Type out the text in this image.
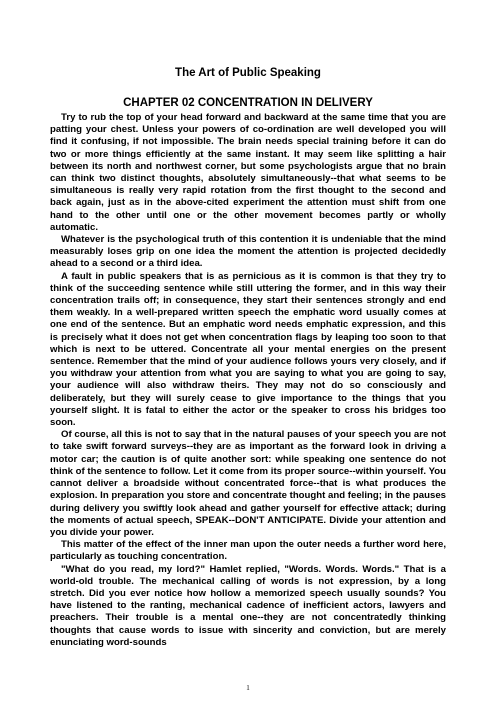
The Art of Public Speaking
CHAPTER 02 CONCENTRATION IN DELIVERY

Try to rub the top of your head forward and backward at the same time that you are patting your chest. Unless your powers of co-ordination are well developed you will find it confusing, if not impossible. The brain needs special training before it can do two or more things efficiently at the same instant. It may seem like splitting a hair between its north and northwest corner, but some psychologists argue that no brain can think two distinct thoughts, absolutely simultaneously--that what seems to be simultaneous is really very rapid rotation from the first thought to the second and back again, just as in the above-cited experiment the attention must shift from one hand to the other until one or the other movement becomes partly or wholly automatic.

Whatever is the psychological truth of this contention it is undeniable that the mind measurably loses grip on one idea the moment the attention is projected decidedly ahead to a second or a third idea.

A fault in public speakers that is as pernicious as it is common is that they try to think of the succeeding sentence while still uttering the former, and in this way their concentration trails off; in consequence, they start their sentences strongly and end them weakly. In a well-prepared written speech the emphatic word usually comes at one end of the sentence. But an emphatic word needs emphatic expression, and this is precisely what it does not get when concentration flags by leaping too soon to that which is next to be uttered. Concentrate all your mental energies on the present sentence. Remember that the mind of your audience follows yours very closely, and if you withdraw your attention from what you are saying to what you are going to say, your audience will also withdraw theirs. They may not do so consciously and deliberately, but they will surely cease to give importance to the things that you yourself slight. It is fatal to either the actor or the speaker to cross his bridges too soon.

Of course, all this is not to say that in the natural pauses of your speech you are not to take swift forward surveys--they are as important as the forward look in driving a motor car; the caution is of quite another sort: while speaking one sentence do not think of the sentence to follow. Let it come from its proper source--within yourself. You cannot deliver a broadside without concentrated force--that is what produces the explosion. In preparation you store and concentrate thought and feeling; in the pauses during delivery you swiftly look ahead and gather yourself for effective attack; during the moments of actual speech, SPEAK--DON'T ANTICIPATE. Divide your attention and you divide your power.

This matter of the effect of the inner man upon the outer needs a further word here, particularly as touching concentration.

"What do you read, my lord?" Hamlet replied, "Words. Words. Words." That is a world-old trouble. The mechanical calling of words is not expression, by a long stretch. Did you ever notice how hollow a memorized speech usually sounds? You have listened to the ranting, mechanical cadence of inefficient actors, lawyers and preachers. Their trouble is a mental one--they are not concentratedly thinking thoughts that cause words to issue with sincerity and conviction, but are merely enunciating word-sounds

1
